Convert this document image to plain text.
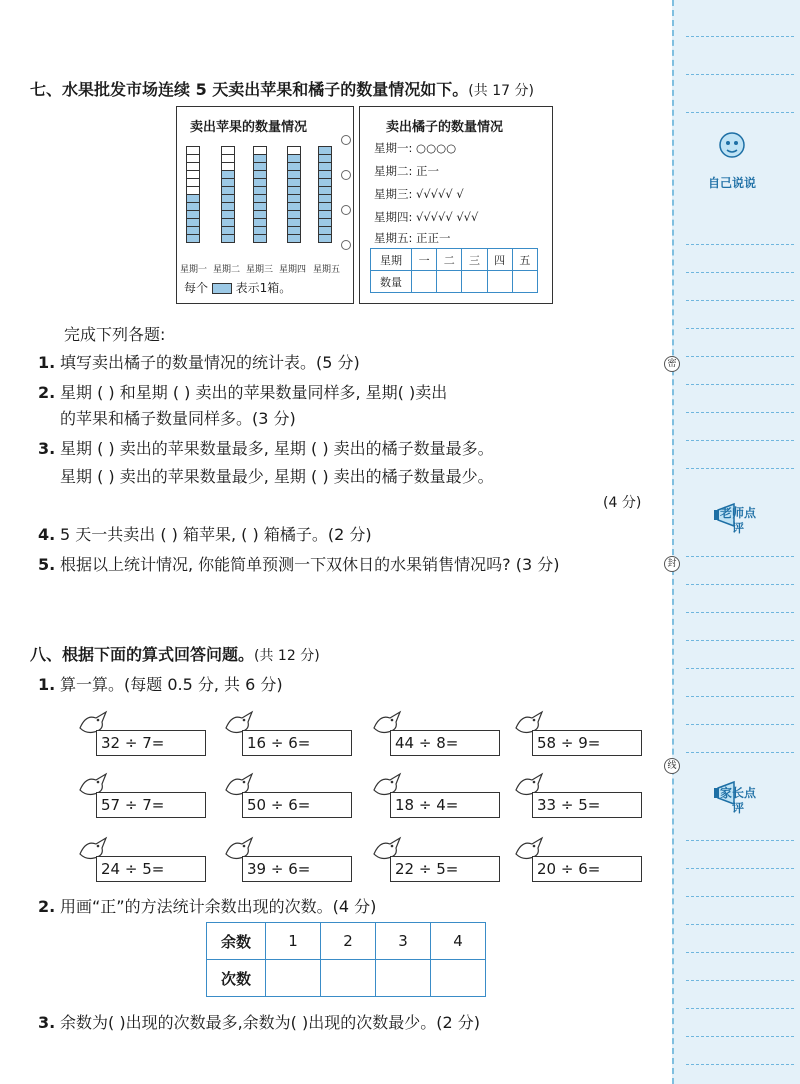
自己说说
老师点评
家长点评
密
封
线
七、水果批发市场连续 5 天卖出苹果和橘子的数量情况如下。(共 17 分)
卖出苹果的数量情况
星期一 星期二 星期三 星期四 星期五
每个 表示1箱。
卖出橘子的数量情况
星期一: ○○○○
星期二: 正一
星期三: √√√√√ √
星期四: √√√√√ √√√
星期五: 正正一
星期	一	二	三	四	五
数量					
完成下列各题:
1. 填写卖出橘子的数量情况的统计表。(5 分)
2. 星期 ( ) 和星期 ( ) 卖出的苹果数量同样多, 星期( )卖出
的苹果和橘子数量同样多。(3 分)
3. 星期 ( ) 卖出的苹果数量最多, 星期 ( ) 卖出的橘子数量最多。
星期 ( ) 卖出的苹果数量最少, 星期 ( ) 卖出的橘子数量最少。
(4 分)
4. 5 天一共卖出 ( ) 箱苹果, ( ) 箱橘子。(2 分)
5. 根据以上统计情况, 你能简单预测一下双休日的水果销售情况吗? (3 分)
八、根据下面的算式回答问题。(共 12 分)
1. 算一算。(每题 0.5 分, 共 6 分)
32 ÷ 7=	16 ÷ 6=	44 ÷ 8=	58 ÷ 9=
57 ÷ 7=	50 ÷ 6=	18 ÷ 4=	33 ÷ 5=
24 ÷ 5=	39 ÷ 6=	22 ÷ 5=	20 ÷ 6=
2. 用画“正”的方法统计余数出现的次数。(4 分)
余数	1	2	3	4
次数				
3. 余数为( )出现的次数最多,余数为( )出现的次数最少。(2 分)
